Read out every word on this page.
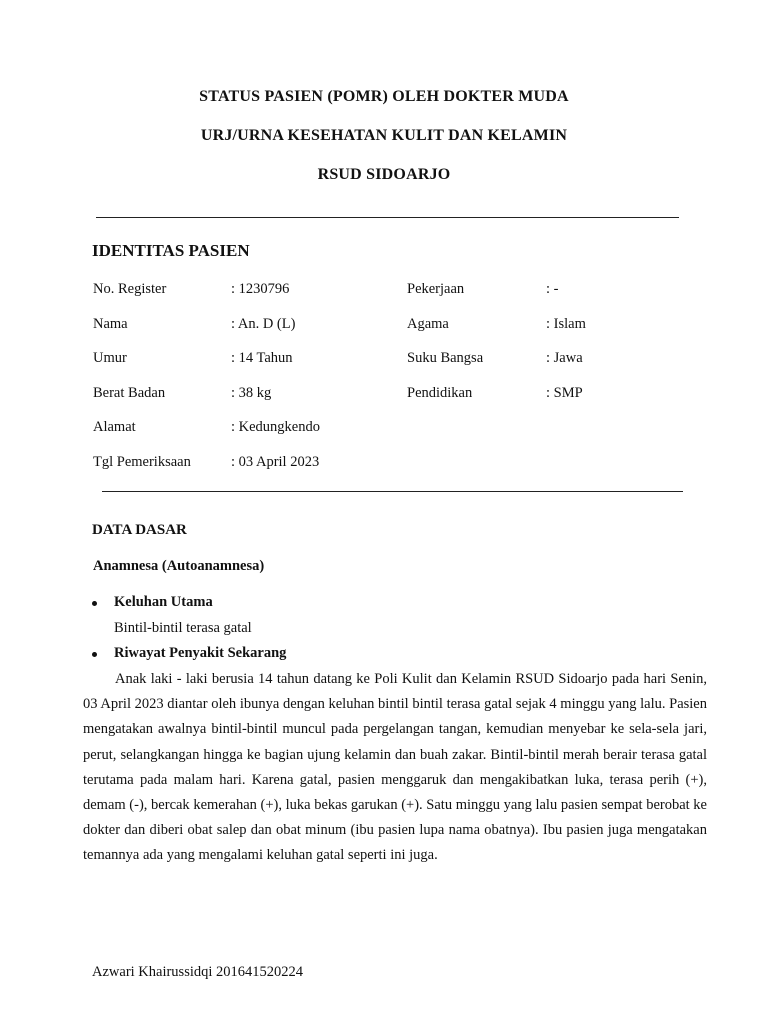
STATUS PASIEN (POMR) OLEH DOKTER MUDA
URJ/URNA KESEHATAN KULIT DAN KELAMIN
RSUD SIDOARJO
IDENTITAS PASIEN
No. Register	: 1230796	Pekerjaan	: -
Nama	: An. D (L)	Agama	: Islam
Umur	: 14 Tahun	Suku Bangsa	: Jawa
Berat Badan	: 38 kg	Pendidikan	: SMP
Alamat	: Kedungkendo
Tgl Pemeriksaan	: 03 April 2023
DATA DASAR
Anamnesa (Autoanamnesa)
Keluhan Utama
Bintil-bintil terasa gatal
Riwayat Penyakit Sekarang
Anak laki - laki berusia 14 tahun datang ke Poli Kulit dan Kelamin RSUD Sidoarjo pada hari Senin, 03 April 2023 diantar oleh ibunya dengan keluhan bintil bintil terasa gatal sejak 4 minggu yang lalu. Pasien mengatakan awalnya bintil-bintil muncul pada pergelangan tangan, kemudian menyebar ke sela-sela jari, perut, selangkangan hingga ke bagian ujung kelamin dan buah zakar. Bintil-bintil merah berair terasa gatal terutama pada malam hari. Karena gatal, pasien menggaruk dan mengakibatkan luka, terasa perih (+), demam (-), bercak kemerahan (+), luka bekas garukan (+). Satu minggu yang lalu pasien sempat berobat ke dokter dan diberi obat salep dan obat minum (ibu pasien lupa nama obatnya). Ibu pasien juga mengatakan temannya ada yang mengalami keluhan gatal seperti ini juga.
Azwari Khairussidqi 201641520224
